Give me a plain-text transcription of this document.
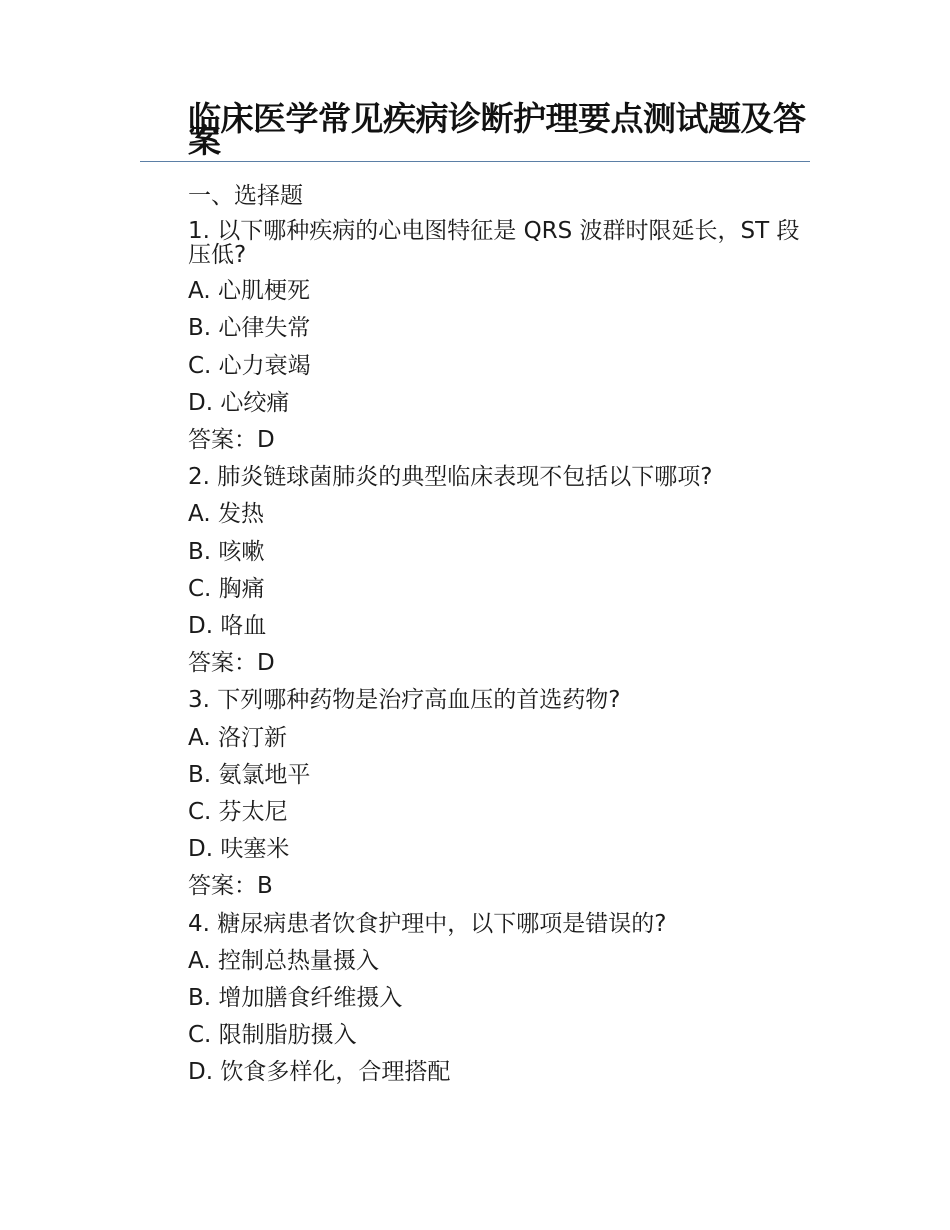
临床医学常见疾病诊断护理要点测试题及答案

一、选择题

1. 以下哪种疾病的心电图特征是 QRS 波群时限延长，ST 段压低?

A. 心肌梗死

B. 心律失常

C. 心力衰竭

D. 心绞痛

答案：D

2. 肺炎链球菌肺炎的典型临床表现不包括以下哪项?

A. 发热

B. 咳嗽

C. 胸痛

D. 咯血

答案：D

3. 下列哪种药物是治疗高血压的首选药物?

A. 洛汀新

B. 氨氯地平

C. 芬太尼

D. 呋塞米

答案：B

4. 糖尿病患者饮食护理中，以下哪项是错误的?

A. 控制总热量摄入

B. 增加膳食纤维摄入

C. 限制脂肪摄入

D. 饮食多样化，合理搭配
